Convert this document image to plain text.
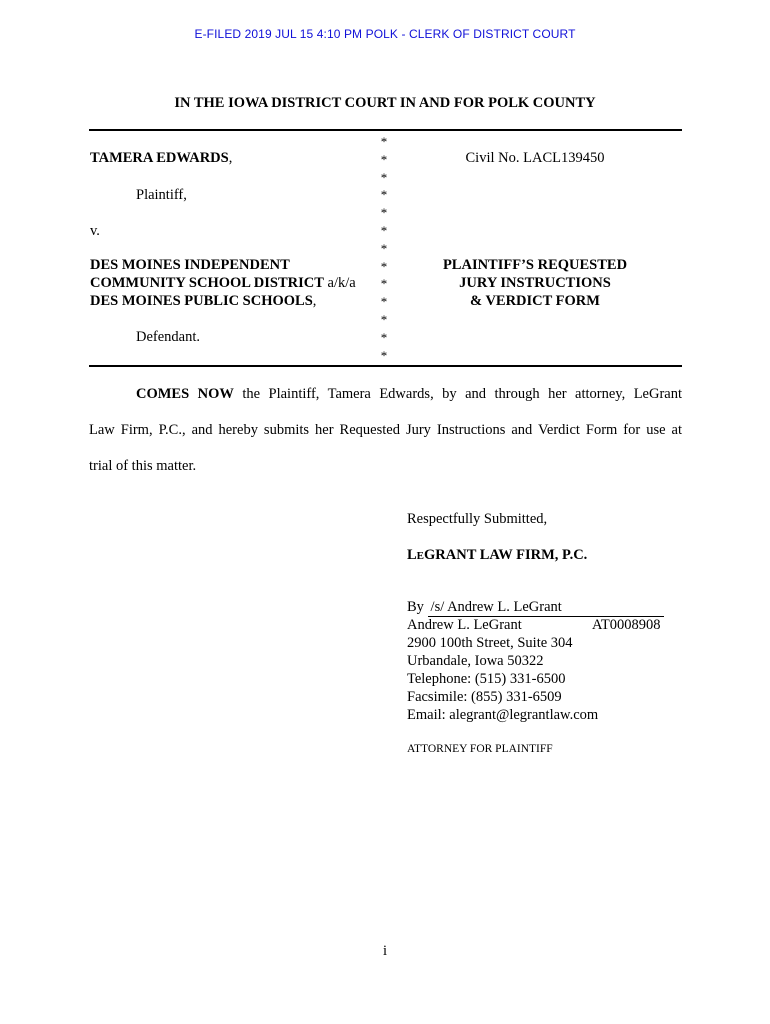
E-FILED 2019 JUL 15 4:10 PM POLK - CLERK OF DISTRICT COURT
IN THE IOWA DISTRICT COURT IN AND FOR POLK COUNTY
*
*
*
*
*
*
*
*
*
*
*
*
*
TAMERA EDWARDS,
Plaintiff,
v.
DES MOINES INDEPENDENT
COMMUNITY SCHOOL DISTRICT a/k/a
DES MOINES PUBLIC SCHOOLS,
Defendant.
Civil No. LACL139450
PLAINTIFF’S REQUESTED
JURY INSTRUCTIONS
& VERDICT FORM
COMES NOW the Plaintiff, Tamera Edwards, by and through her attorney, LeGrant
Law Firm, P.C., and hereby submits her Requested Jury Instructions and Verdict Form for use at
trial of this matter.
Respectfully Submitted,
LEGRANT LAW FIRM, P.C.
By /s/ Andrew L. LeGrant
Andrew L. LeGrant	AT0008908
2900 100th Street, Suite 304
Urbandale, Iowa 50322
Telephone: (515) 331-6500
Facsimile: (855) 331-6509
Email: alegrant@legrantlaw.com
ATTORNEY FOR PLAINTIFF
i
